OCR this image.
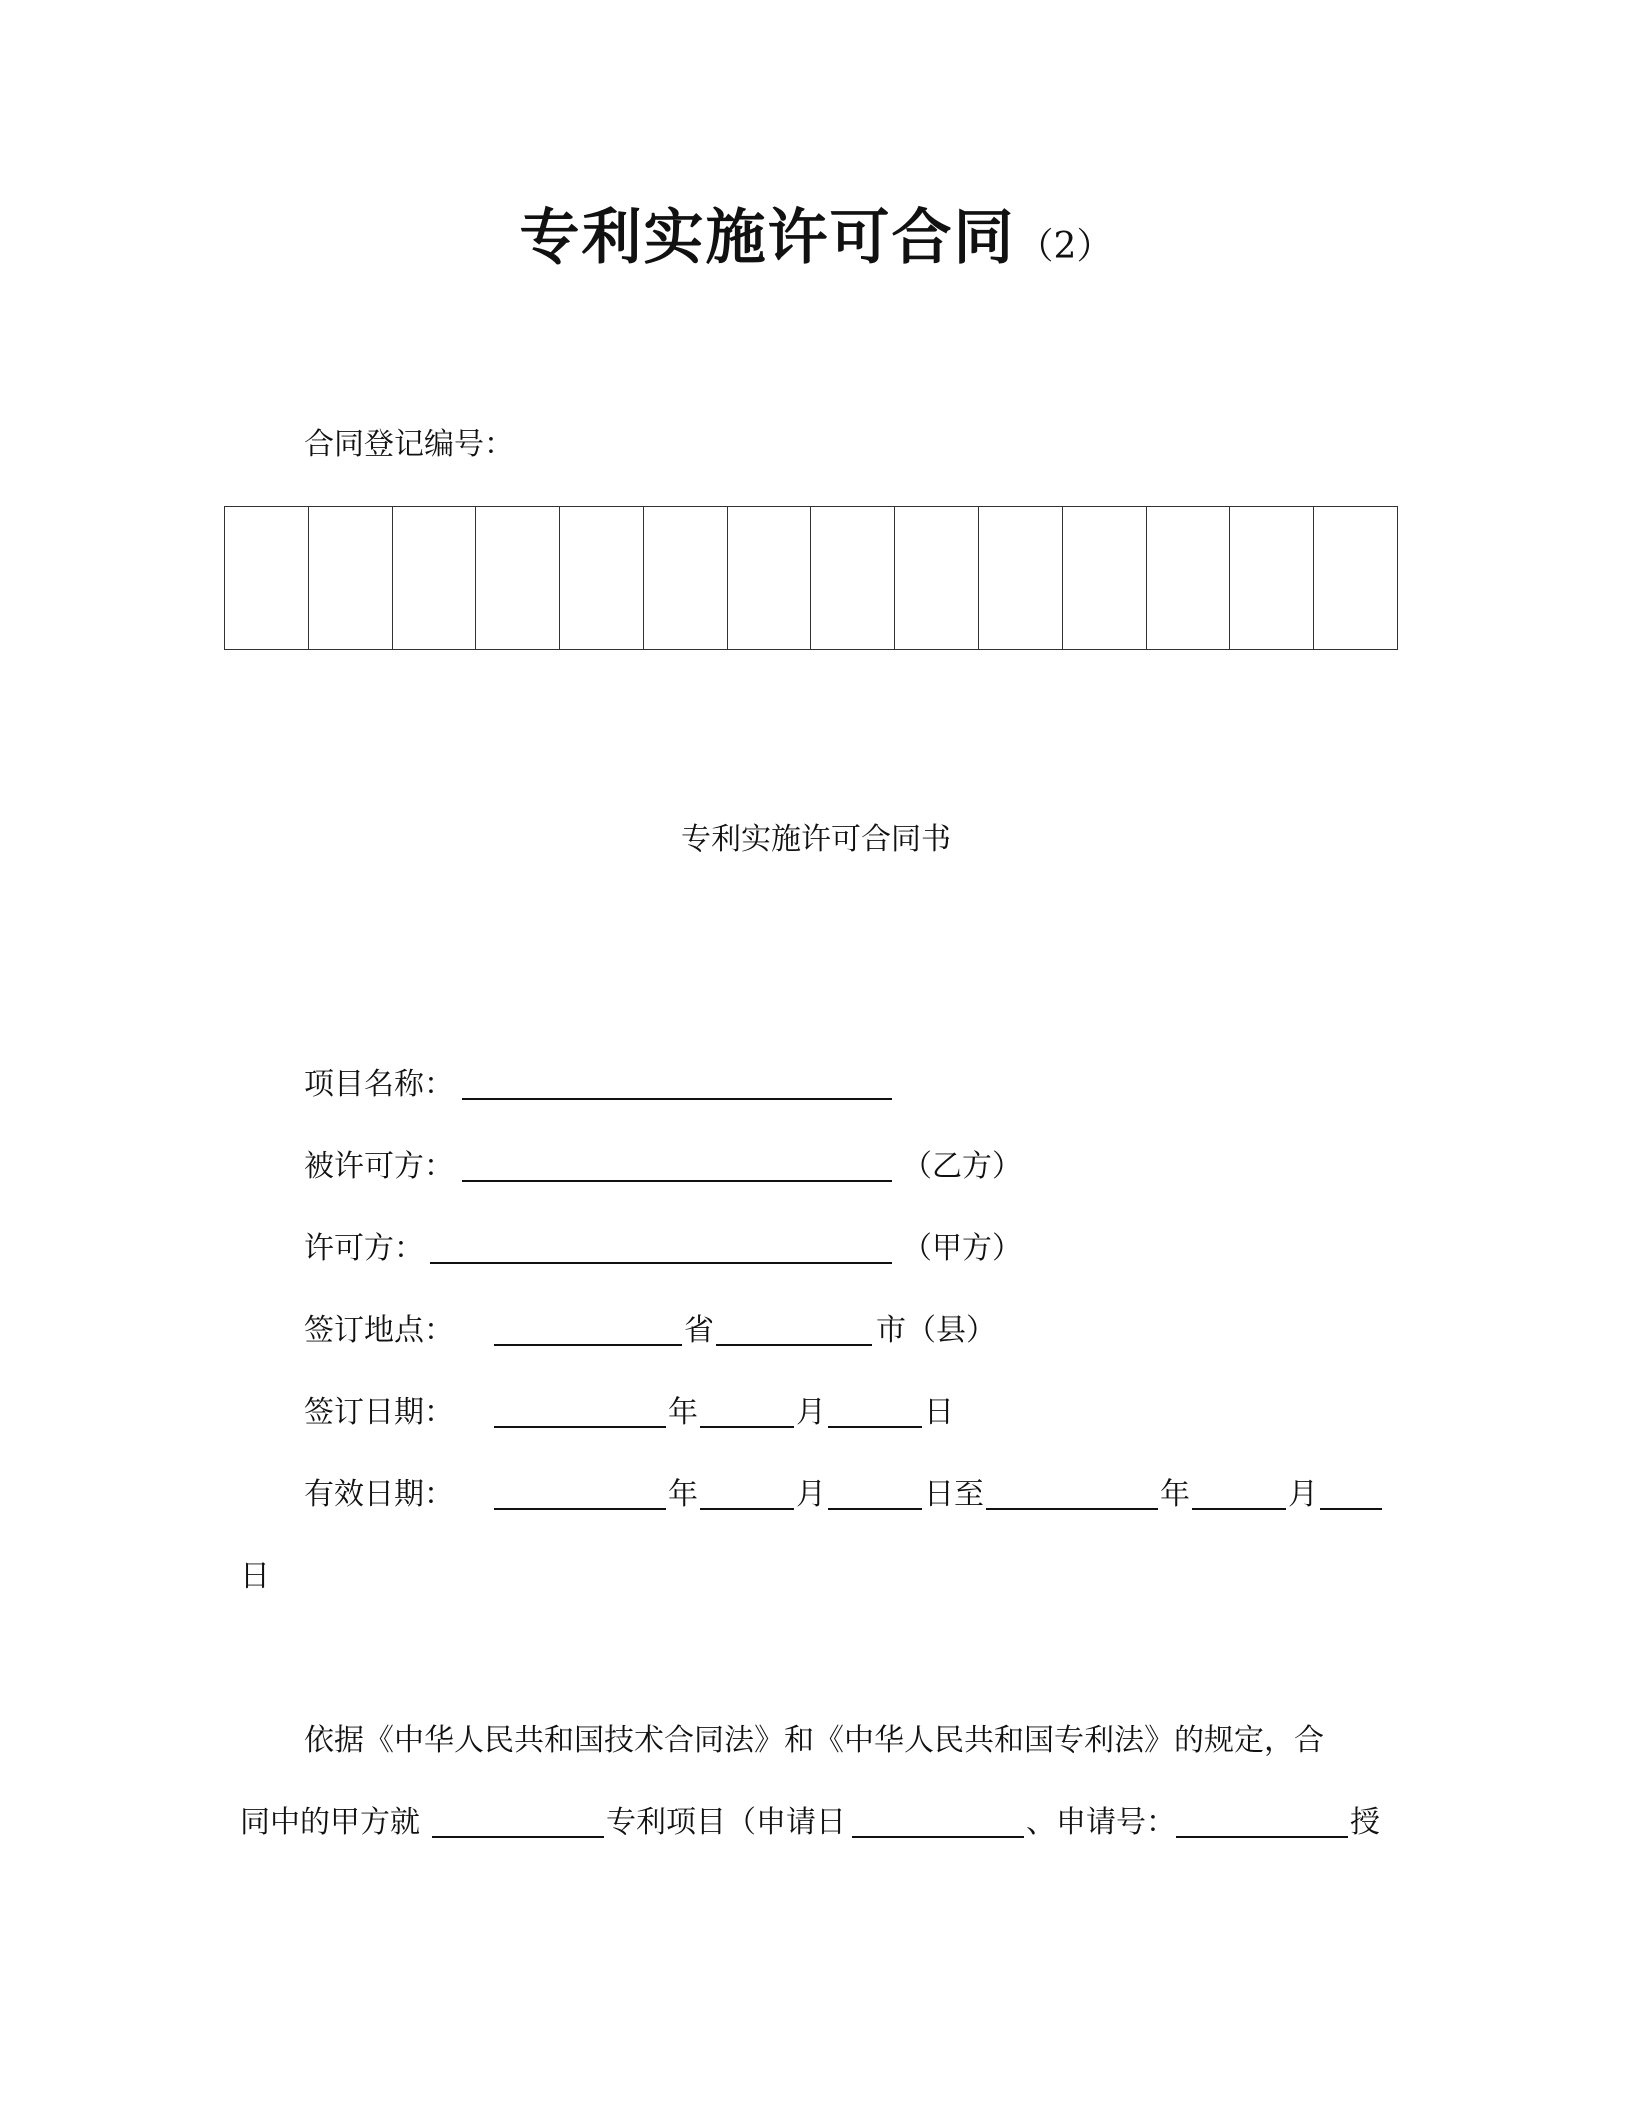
专利实施许可合同（2）
合同登记编号：
专利实施许可合同书
项目名称：
被许可方：	（乙方）
许可方：	（甲方）
签订地点：	省	市（县）
签订日期：	年	月	日
有效日期：	年	月	日至	年	月
日
依据《中华人民共和国技术合同法》和《中华人民共和国专利法》的规定，合
同中的甲方就	专利项目（申请日	、申请号：	授
